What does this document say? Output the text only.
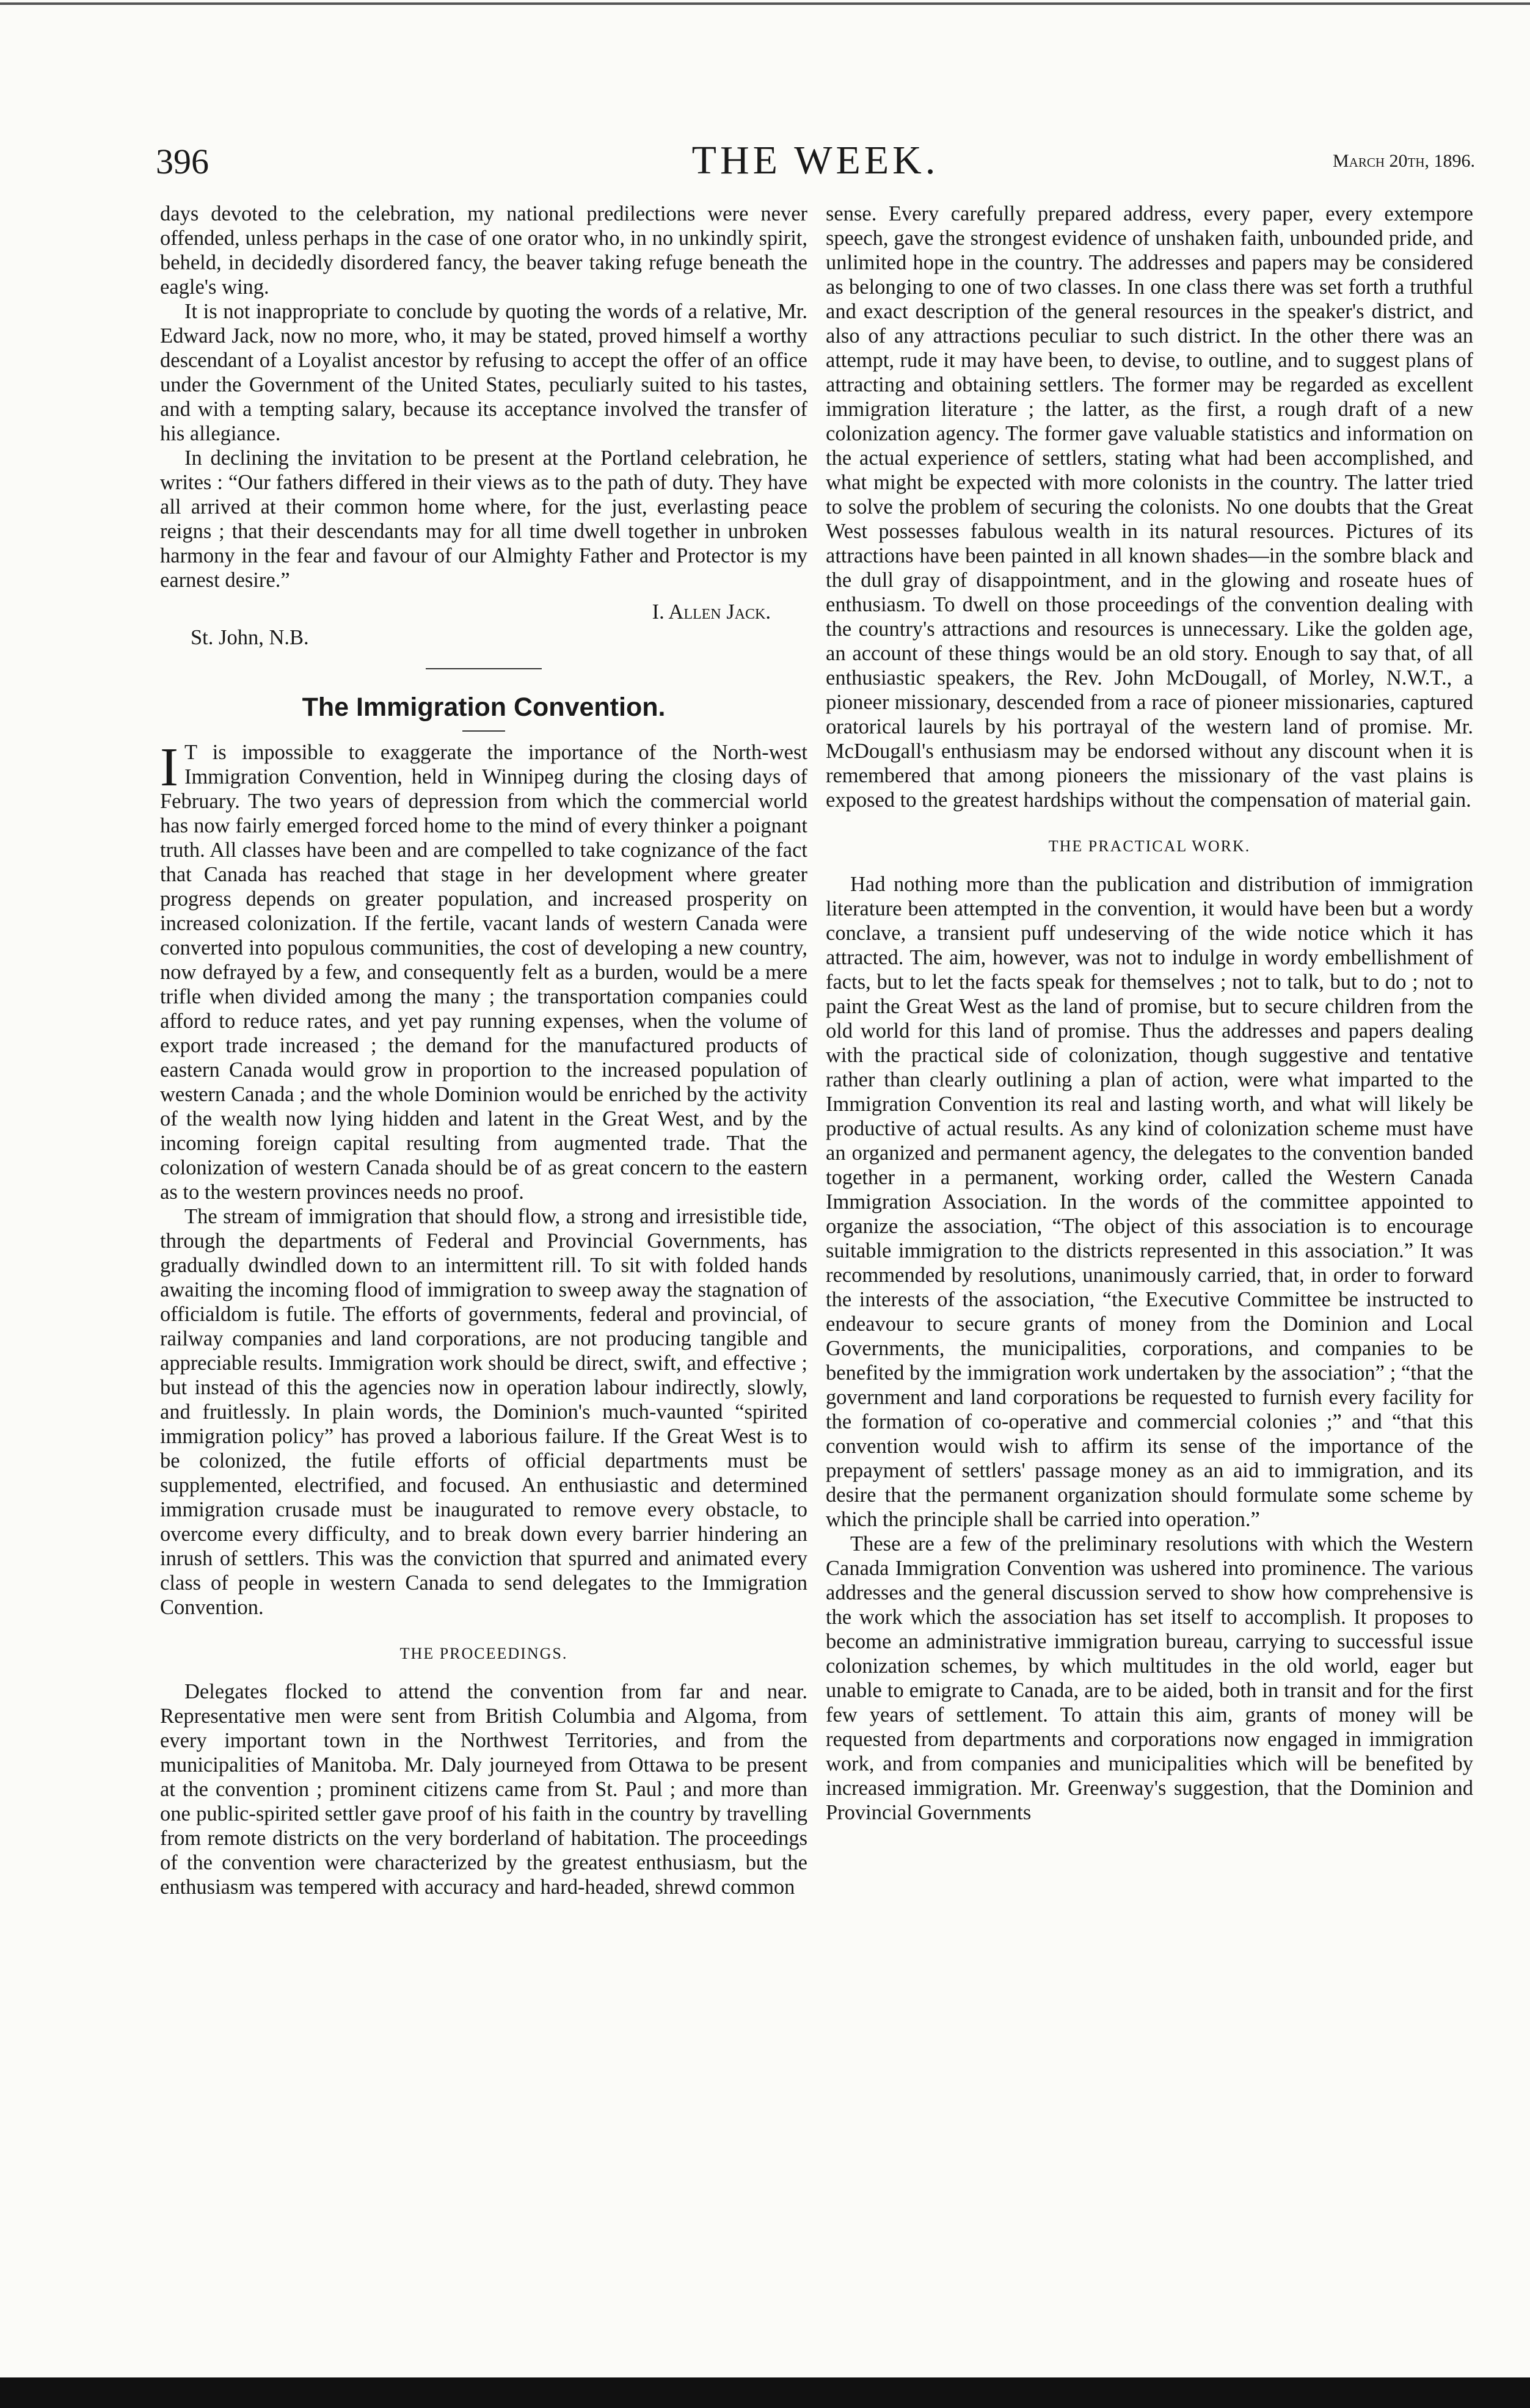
THE WEEK.
396	March 20th, 1896.

days devoted to the celebration, my national predilections were never offended, unless perhaps in the case of one orator who, in no unkindly spirit, beheld, in decidedly disordered fancy, the beaver taking refuge beneath the eagle's wing.

It is not inappropriate to conclude by quoting the words of a relative, Mr. Edward Jack, now no more, who, it may be stated, proved himself a worthy descendant of a Loyalist ancestor by refusing to accept the offer of an office under the Government of the United States, peculiarly suited to his tastes, and with a tempting salary, because its acceptance involved the transfer of his allegiance.

In declining the invitation to be present at the Portland celebration, he writes : “Our fathers differed in their views as to the path of duty. They have all arrived at their common home where, for the just, everlasting peace reigns ; that their descendants may for all time dwell together in unbroken harmony in the fear and favour of our Almighty Father and Protector is my earnest desire.”

I. Allen Jack.
St. John, N.B.
The Immigration Convention.

I T is impossible to exaggerate the importance of the North-west Immigration Convention, held in Winnipeg during the closing days of February. The two years of depression from which the commercial world has now fairly emerged forced home to the mind of every thinker a poignant truth. All classes have been and are compelled to take cognizance of the fact that Canada has reached that stage in her development where greater progress depends on greater population, and increased prosperity on increased colonization. If the fertile, vacant lands of western Canada were converted into populous communities, the cost of developing a new country, now defrayed by a few, and consequently felt as a burden, would be a mere trifle when divided among the many ; the transportation companies could afford to reduce rates, and yet pay running expenses, when the volume of export trade increased ; the demand for the manufactured products of eastern Canada would grow in proportion to the increased population of western Canada ; and the whole Dominion would be enriched by the activity of the wealth now lying hidden and latent in the Great West, and by the incoming foreign capital resulting from augmented trade. That the colonization of western Canada should be of as great concern to the eastern as to the western provinces needs no proof.

The stream of immigration that should flow, a strong and irresistible tide, through the departments of Federal and Provincial Governments, has gradually dwindled down to an intermittent rill. To sit with folded hands awaiting the incoming flood of immigration to sweep away the stagnation of officialdom is futile. The efforts of governments, federal and provincial, of railway companies and land corporations, are not producing tangible and appreciable results. Immigration work should be direct, swift, and effective ; but instead of this the agencies now in operation labour indirectly, slowly, and fruitlessly. In plain words, the Dominion's much-vaunted “spirited immigration policy” has proved a laborious failure. If the Great West is to be colonized, the futile efforts of official departments must be supplemented, electrified, and focused. An enthusiastic and determined immigration crusade must be inaugurated to remove every obstacle, to overcome every difficulty, and to break down every barrier hindering an inrush of settlers. This was the conviction that spurred and animated every class of people in western Canada to send delegates to the Immigration Convention.

THE PROCEEDINGS.

Delegates flocked to attend the convention from far and near. Representative men were sent from British Columbia and Algoma, from every important town in the Northwest Territories, and from the municipalities of Manitoba. Mr. Daly journeyed from Ottawa to be present at the convention ; prominent citizens came from St. Paul ; and more than one public-spirited settler gave proof of his faith in the country by travelling from remote districts on the very borderland of habitation. The proceedings of the convention were characterized by the greatest enthusiasm, but the enthusiasm was tempered with accuracy and hard-headed, shrewd common

sense. Every carefully prepared address, every paper, every extempore speech, gave the strongest evidence of unshaken faith, unbounded pride, and unlimited hope in the country. The addresses and papers may be considered as belonging to one of two classes. In one class there was set forth a truthful and exact description of the general resources in the speaker's district, and also of any attractions peculiar to such district. In the other there was an attempt, rude it may have been, to devise, to outline, and to suggest plans of attracting and obtaining settlers. The former may be regarded as excellent immigration literature ; the latter, as the first, a rough draft of a new colonization agency. The former gave valuable statistics and information on the actual experience of settlers, stating what had been accomplished, and what might be expected with more colonists in the country. The latter tried to solve the problem of securing the colonists. No one doubts that the Great West possesses fabulous wealth in its natural resources. Pictures of its attractions have been painted in all known shades—in the sombre black and the dull gray of disappointment, and in the glowing and roseate hues of enthusiasm. To dwell on those proceedings of the convention dealing with the country's attractions and resources is unnecessary. Like the golden age, an account of these things would be an old story. Enough to say that, of all enthusiastic speakers, the Rev. John McDougall, of Morley, N.W.T., a pioneer missionary, descended from a race of pioneer missionaries, captured oratorical laurels by his portrayal of the western land of promise. Mr. McDougall's enthusiasm may be endorsed without any discount when it is remembered that among pioneers the missionary of the vast plains is exposed to the greatest hardships without the compensation of material gain.

THE PRACTICAL WORK.

Had nothing more than the publication and distribution of immigration literature been attempted in the convention, it would have been but a wordy conclave, a transient puff undeserving of the wide notice which it has attracted. The aim, however, was not to indulge in wordy embellishment of facts, but to let the facts speak for themselves ; not to talk, but to do ; not to paint the Great West as the land of promise, but to secure children from the old world for this land of promise. Thus the addresses and papers dealing with the practical side of colonization, though suggestive and tentative rather than clearly outlining a plan of action, were what imparted to the Immigration Convention its real and lasting worth, and what will likely be productive of actual results. As any kind of colonization scheme must have an organized and permanent agency, the delegates to the convention banded together in a permanent, working order, called the Western Canada Immigration Association. In the words of the committee appointed to organize the association, “The object of this association is to encourage suitable immigration to the districts represented in this association.” It was recommended by resolutions, unanimously carried, that, in order to forward the interests of the association, “the Executive Committee be instructed to endeavour to secure grants of money from the Dominion and Local Governments, the municipalities, corporations, and companies to be benefited by the immigration work undertaken by the association” ; “that the government and land corporations be requested to furnish every facility for the formation of co-operative and commercial colonies ;” and “that this convention would wish to affirm its sense of the importance of the prepayment of settlers' passage money as an aid to immigration, and its desire that the permanent organization should formulate some scheme by which the principle shall be carried into operation.”

These are a few of the preliminary resolutions with which the Western Canada Immigration Convention was ushered into prominence. The various addresses and the general discussion served to show how comprehensive is the work which the association has set itself to accomplish. It proposes to become an administrative immigration bureau, carrying to successful issue colonization schemes, by which multitudes in the old world, eager but unable to emigrate to Canada, are to be aided, both in transit and for the first few years of settlement. To attain this aim, grants of money will be requested from departments and corporations now engaged in immigration work, and from companies and municipalities which will be benefited by increased immigration. Mr. Greenway's suggestion, that the Dominion and Provincial Governments
